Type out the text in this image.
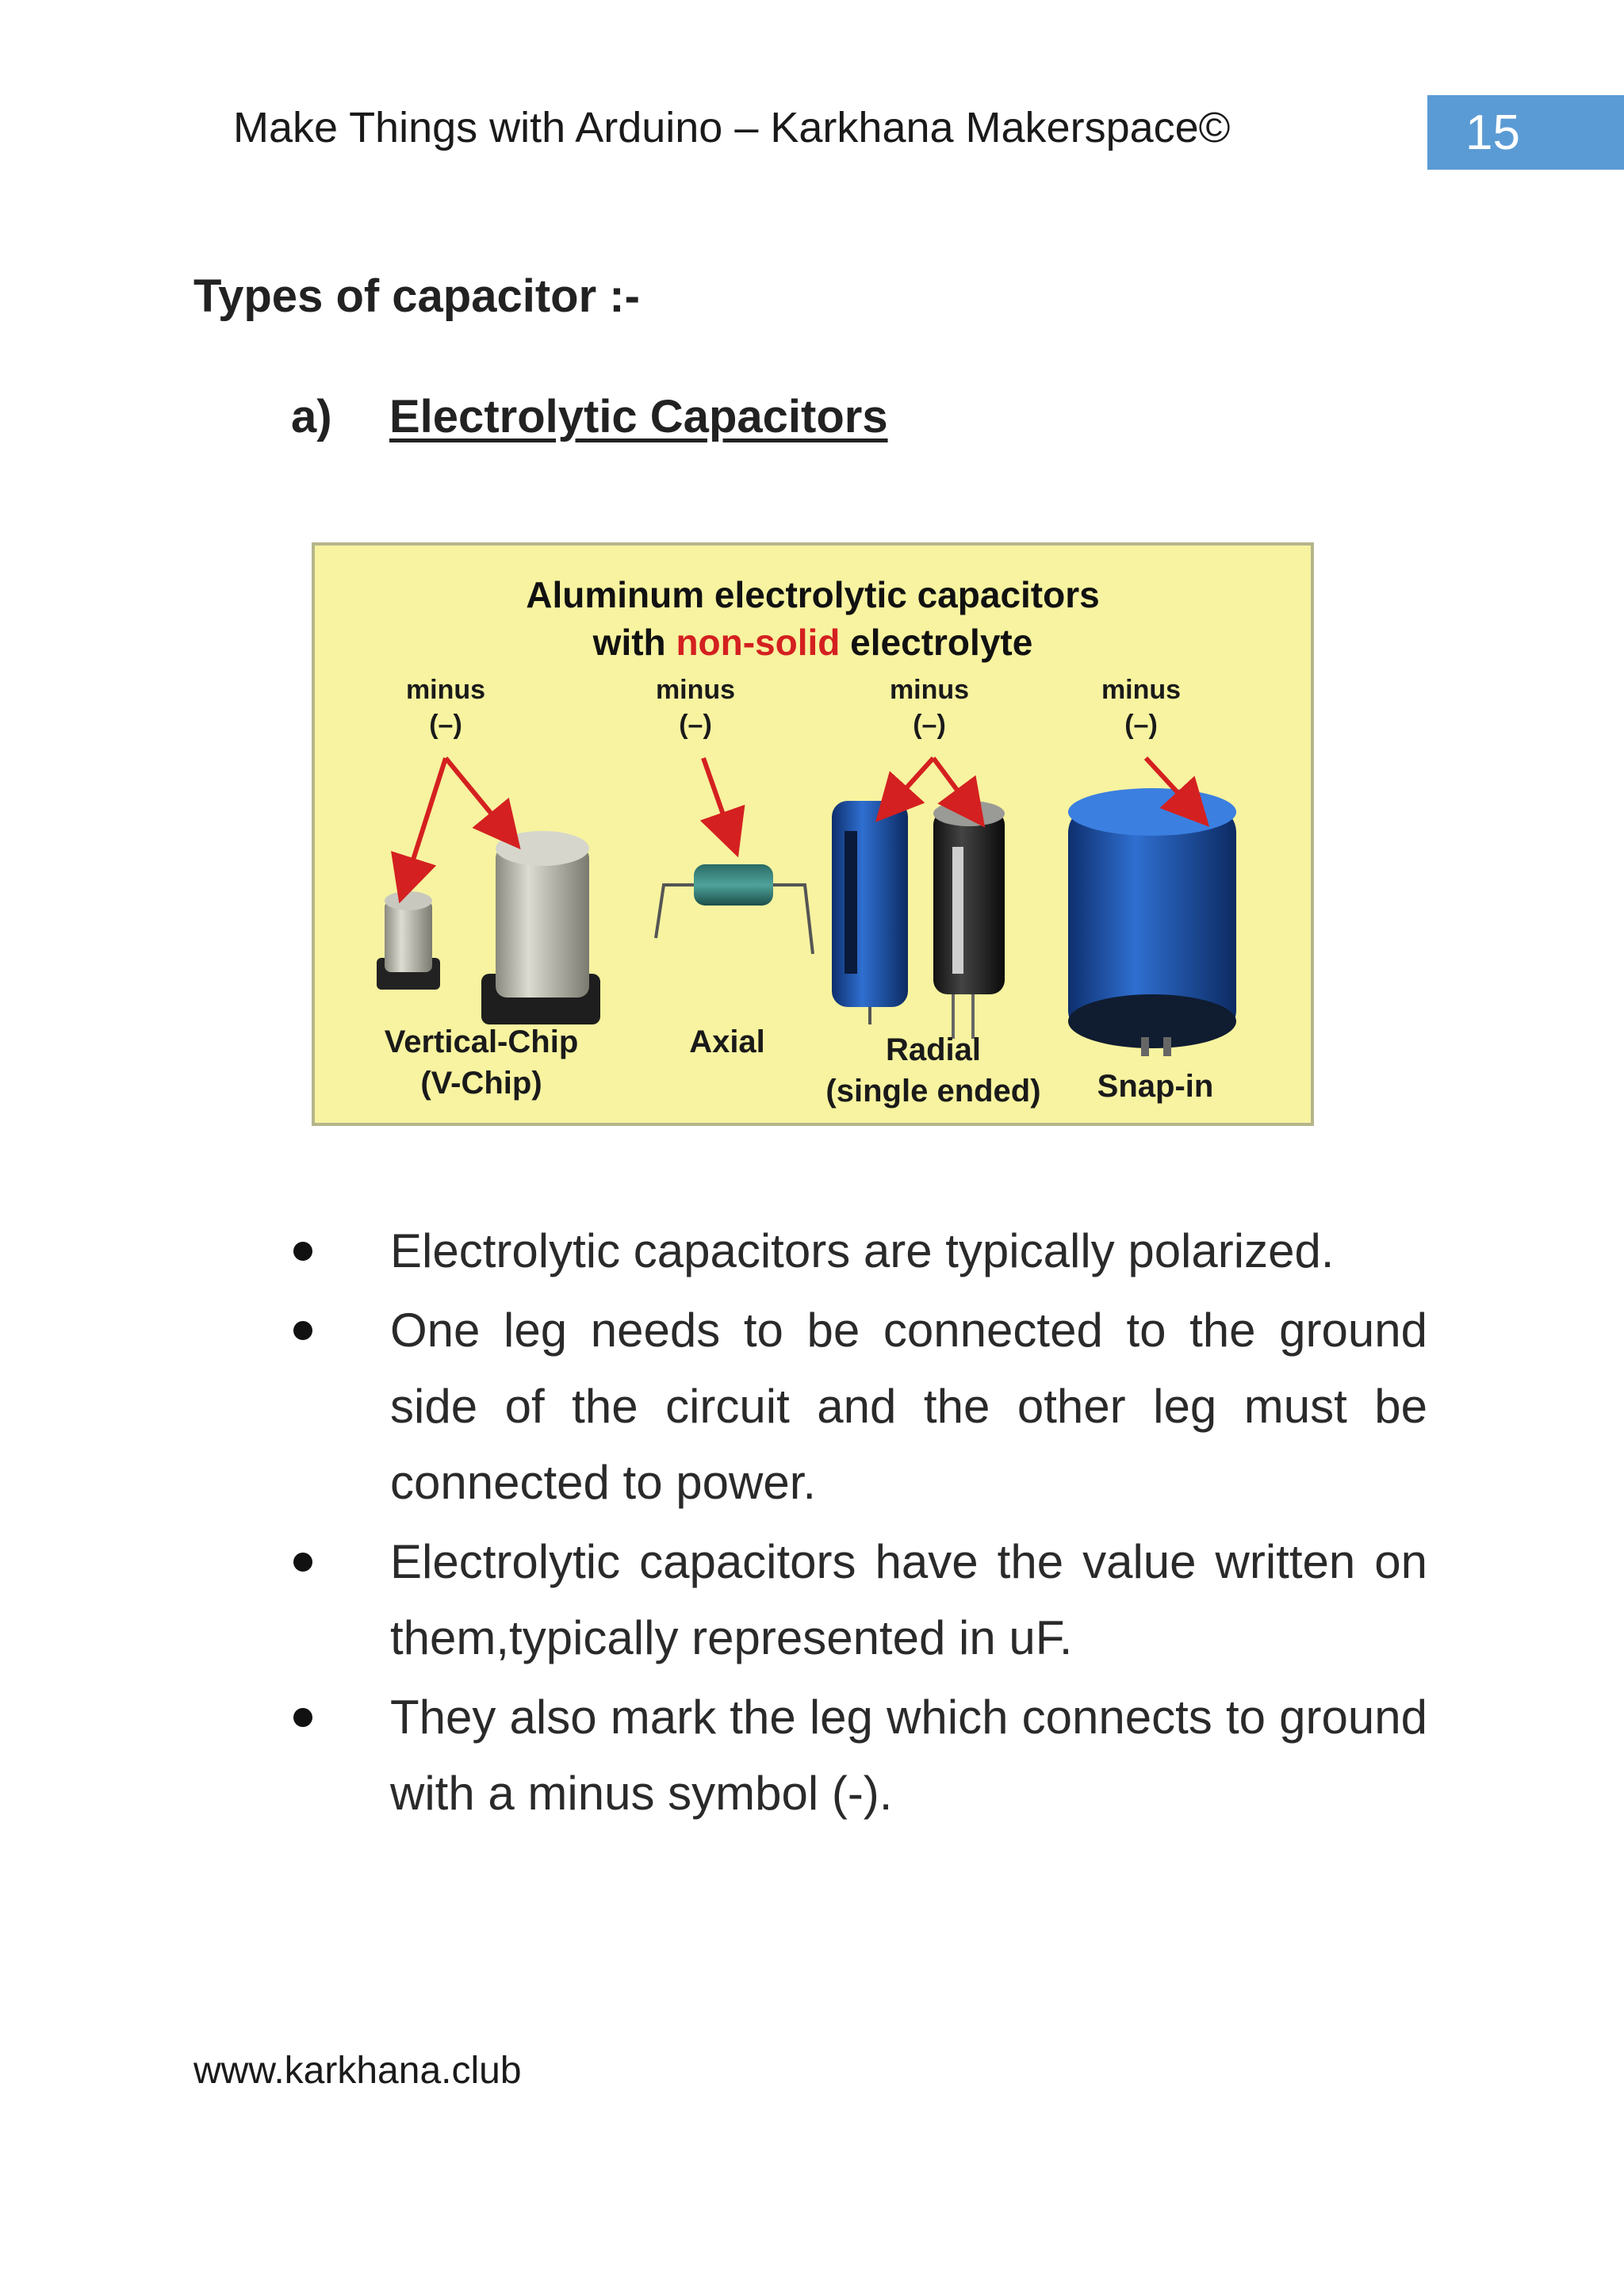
Make Things with Arduino – Karkhana Makerspace©	15
Types of capacitor :-
a) Electrolytic Capacitors
Aluminum electrolytic capacitors
with non-solid electrolyte
minus
(–)
minus
(–)
minus
(–)
minus
(–)
Vertical-Chip
(V-Chip)
Axial	Radial
(single ended)	Snap-in
Electrolytic capacitors are typically polarized.
One leg needs to be connected to the ground side of the circuit and the other leg must be connected to power.
Electrolytic capacitors have the value written on them,typically represented in uF.
They also mark the leg which connects to ground with a minus symbol (-).
www.karkhana.club
